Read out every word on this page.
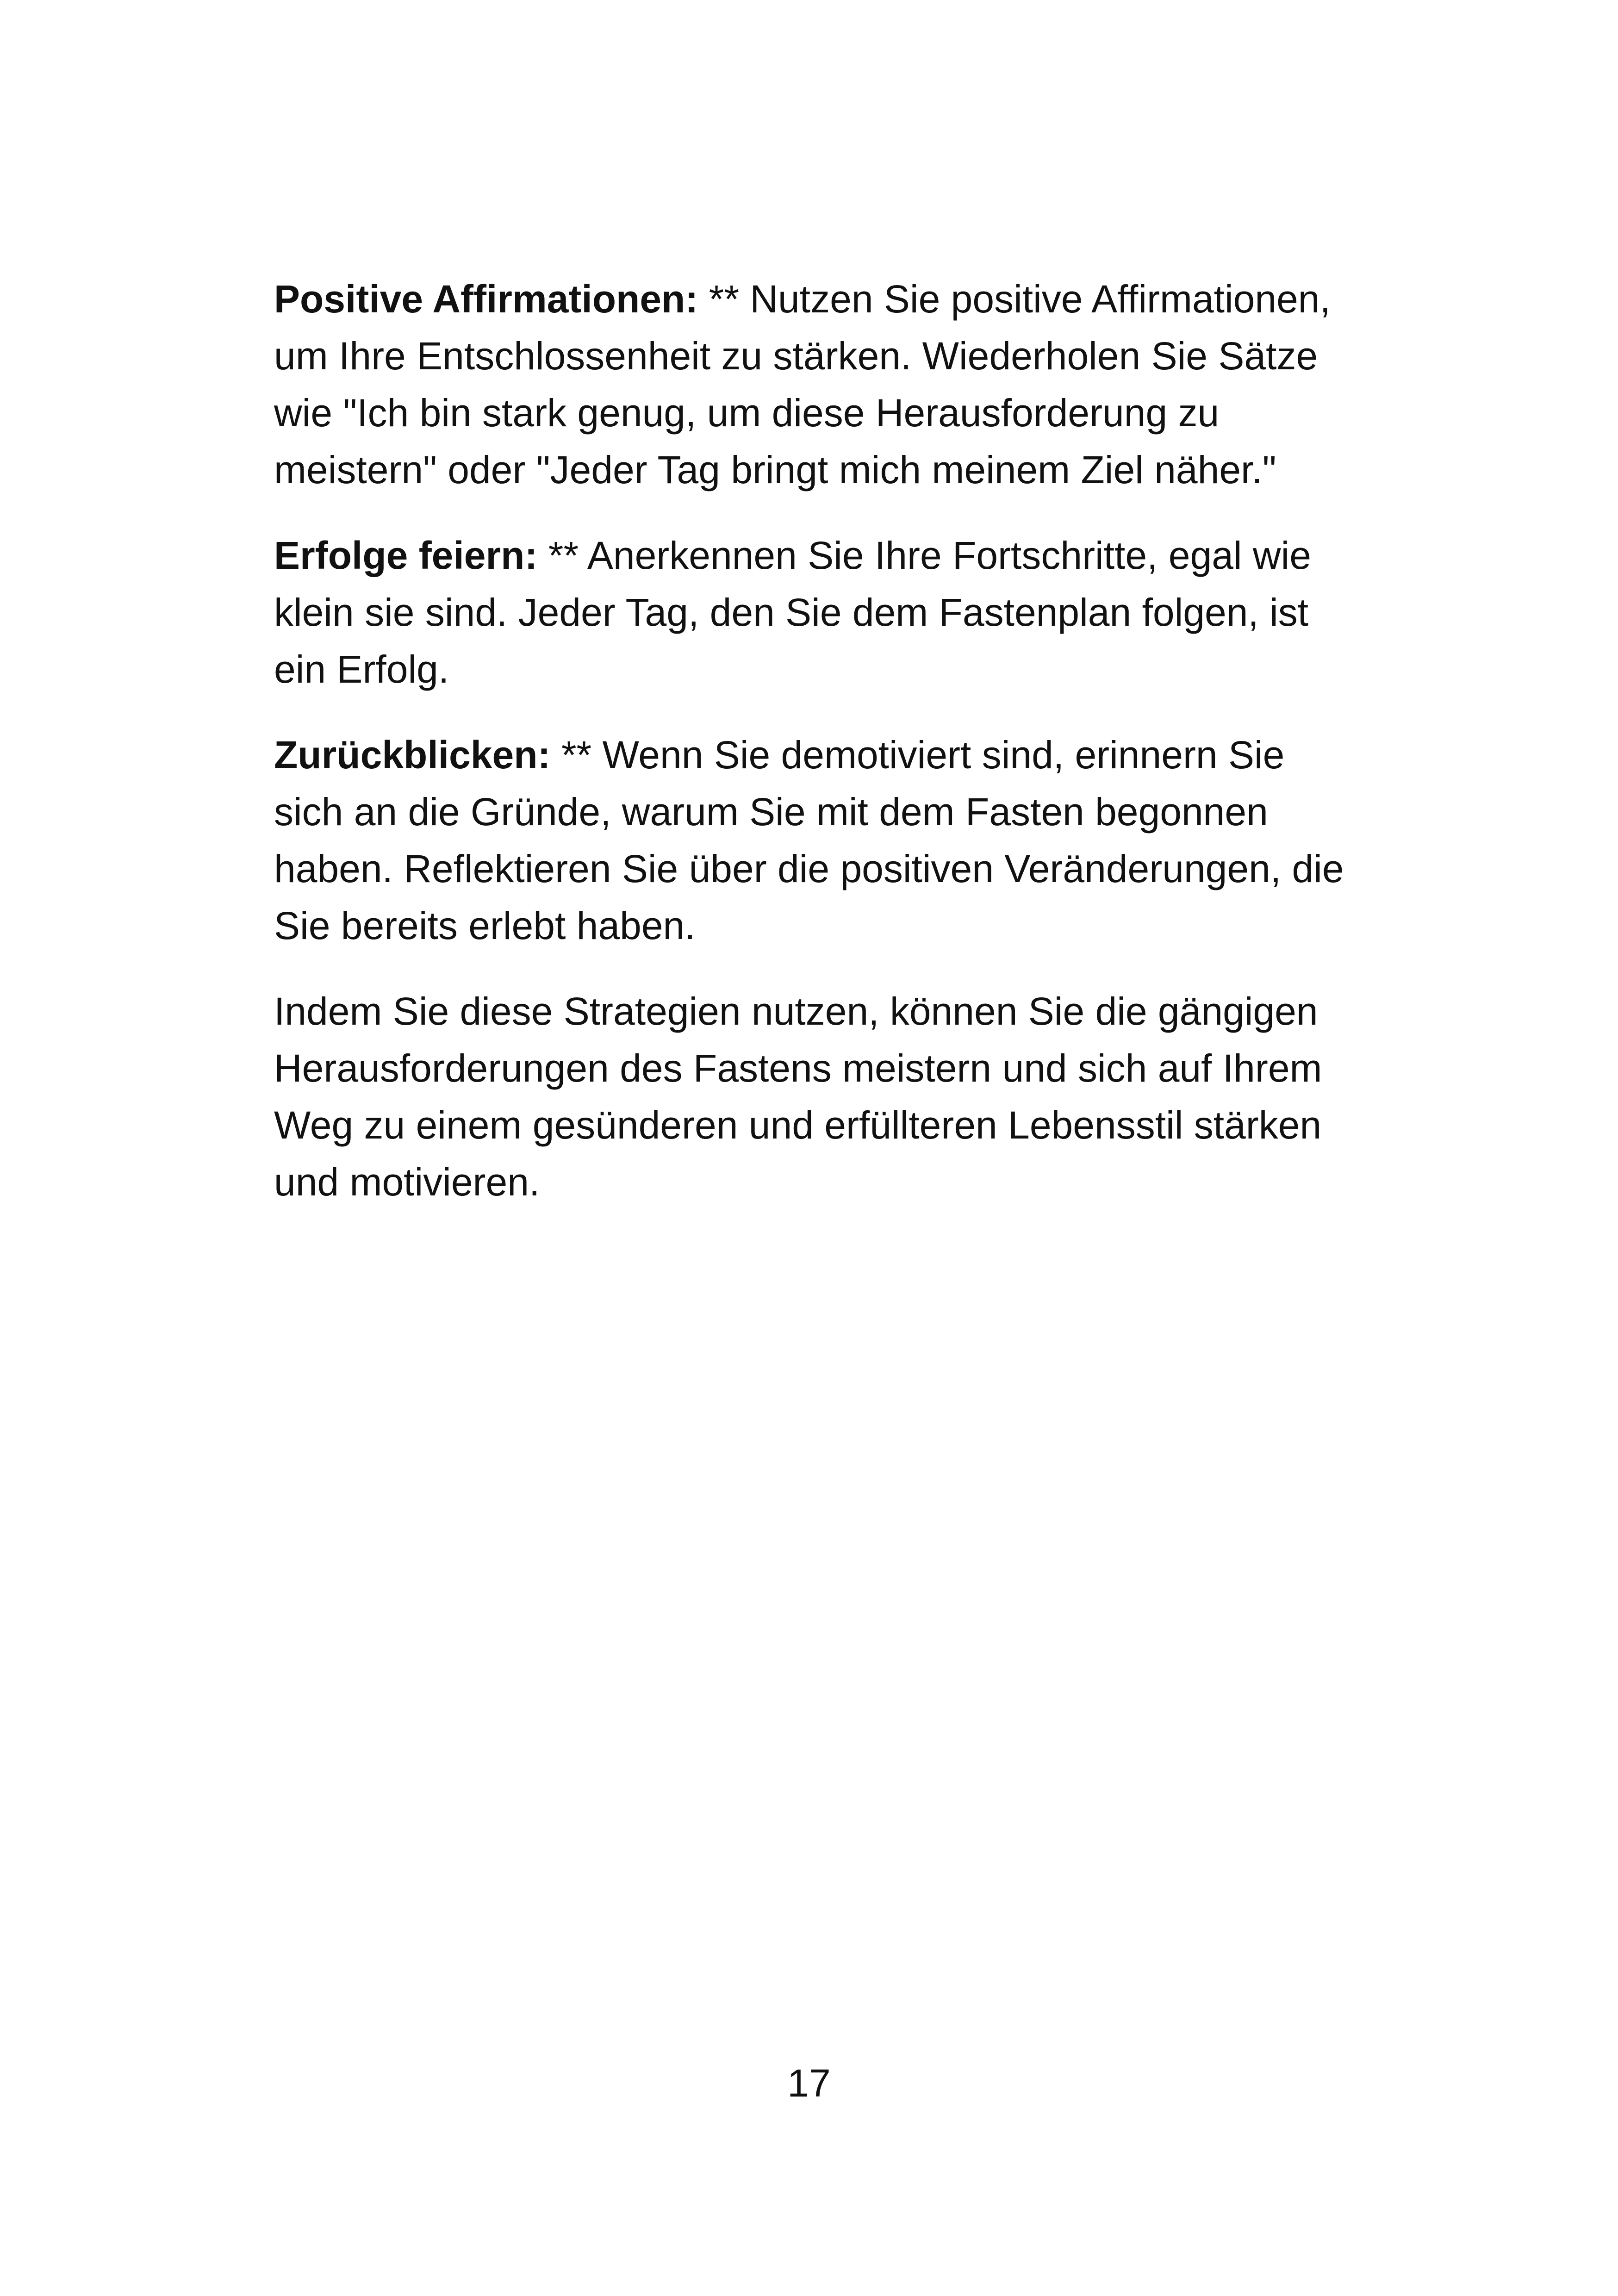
Positive Affirmationen: ** Nutzen Sie positive Affirmationen, um Ihre Entschlossenheit zu stärken. Wiederholen Sie Sätze wie "Ich bin stark genug, um diese Herausforderung zu meistern" oder "Jeder Tag bringt mich meinem Ziel näher."

Erfolge feiern: ** Anerkennen Sie Ihre Fortschritte, egal wie klein sie sind. Jeder Tag, den Sie dem Fastenplan folgen, ist ein Erfolg.

Zurückblicken: ** Wenn Sie demotiviert sind, erinnern Sie sich an die Gründe, warum Sie mit dem Fasten begonnen haben. Reflektieren Sie über die positiven Veränderungen, die Sie bereits erlebt haben.

Indem Sie diese Strategien nutzen, können Sie die gängigen Herausforderungen des Fastens meistern und sich auf Ihrem Weg zu einem gesünderen und erfüllteren Lebensstil stärken und motivieren.

17
